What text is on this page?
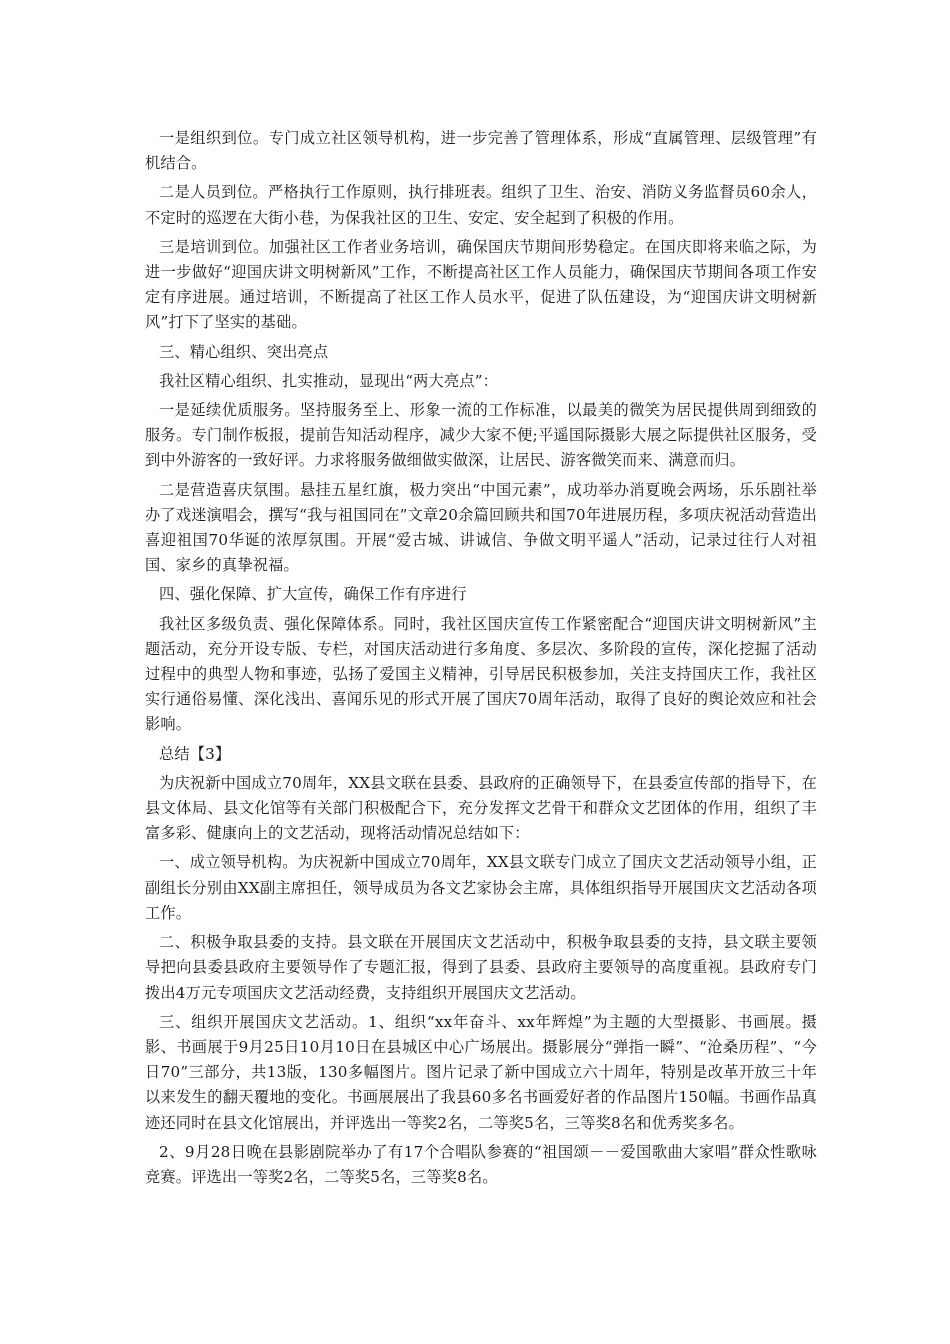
一是组织到位。专门成立社区领导机构，进一步完善了管理体系，形成“直属管理、层级管理”有机结合。

二是人员到位。严格执行工作原则，执行排班表。组织了卫生、治安、消防义务监督员60余人，不定时的巡逻在大街小巷，为保我社区的卫生、安定、安全起到了积极的作用。

三是培训到位。加强社区工作者业务培训，确保国庆节期间形势稳定。在国庆即将来临之际，为进一步做好“迎国庆讲文明树新风”工作，不断提高社区工作人员能力，确保国庆节期间各项工作安定有序进展。通过培训，不断提高了社区工作人员水平，促进了队伍建设，为“迎国庆讲文明树新风”打下了坚实的基础。

三、精心组织、突出亮点

我社区精心组织、扎实推动，显现出“两大亮点”：

一是延续优质服务。坚持服务至上、形象一流的工作标准，以最美的微笑为居民提供周到细致的服务。专门制作板报，提前告知活动程序，减少大家不便;平遥国际摄影大展之际提供社区服务，受到中外游客的一致好评。力求将服务做细做实做深，让居民、游客微笑而来、满意而归。

二是营造喜庆氛围。悬挂五星红旗，极力突出“中国元素”，成功举办消夏晚会两场，乐乐剧社举办了戏迷演唱会，撰写“我与祖国同在”文章20余篇回顾共和国70年进展历程，多项庆祝活动营造出喜迎祖国70华诞的浓厚氛围。开展“爱古城、讲诚信、争做文明平遥人”活动，记录过往行人对祖国、家乡的真挚祝福。

四、强化保障、扩大宣传，确保工作有序进行

我社区多级负责、强化保障体系。同时，我社区国庆宣传工作紧密配合“迎国庆讲文明树新风”主题活动，充分开设专版、专栏，对国庆活动进行多角度、多层次、多阶段的宣传，深化挖掘了活动过程中的典型人物和事迹，弘扬了爱国主义精神，引导居民积极参加，关注支持国庆工作，我社区实行通俗易懂、深化浅出、喜闻乐见的形式开展了国庆70周年活动，取得了良好的舆论效应和社会影响。

总结【3】

为庆祝新中国成立70周年，XX县文联在县委、县政府的正确领导下，在县委宣传部的指导下，在县文体局、县文化馆等有关部门积极配合下，充分发挥文艺骨干和群众文艺团体的作用，组织了丰富多彩、健康向上的文艺活动，现将活动情况总结如下：

一、成立领导机构。为庆祝新中国成立70周年，XX县文联专门成立了国庆文艺活动领导小组，正副组长分别由XX副主席担任，领导成员为各文艺家协会主席，具体组织指导开展国庆文艺活动各项工作。

二、积极争取县委的支持。县文联在开展国庆文艺活动中，积极争取县委的支持，县文联主要领导把向县委县政府主要领导作了专题汇报，得到了县委、县政府主要领导的高度重视。县政府专门拨出4万元专项国庆文艺活动经费，支持组织开展国庆文艺活动。

三、组织开展国庆文艺活动。1、组织“xx年奋斗、xx年辉煌”为主题的大型摄影、书画展。摄影、书画展于9月25日10月10日在县城区中心广场展出。摄影展分“弹指一瞬”、“沧桑历程”、“今日70”三部分，共13版，130多幅图片。图片记录了新中国成立六十周年，特别是改革开放三十年以来发生的翻天覆地的变化。书画展展出了我县60多名书画爱好者的作品图片150幅。书画作品真迹还同时在县文化馆展出，并评选出一等奖2名，二等奖5名，三等奖8名和优秀奖多名。

2、9月28日晚在县影剧院举办了有17个合唱队参赛的“祖国颂－－爱国歌曲大家唱”群众性歌咏竞赛。评选出一等奖2名，二等奖5名，三等奖8名。
